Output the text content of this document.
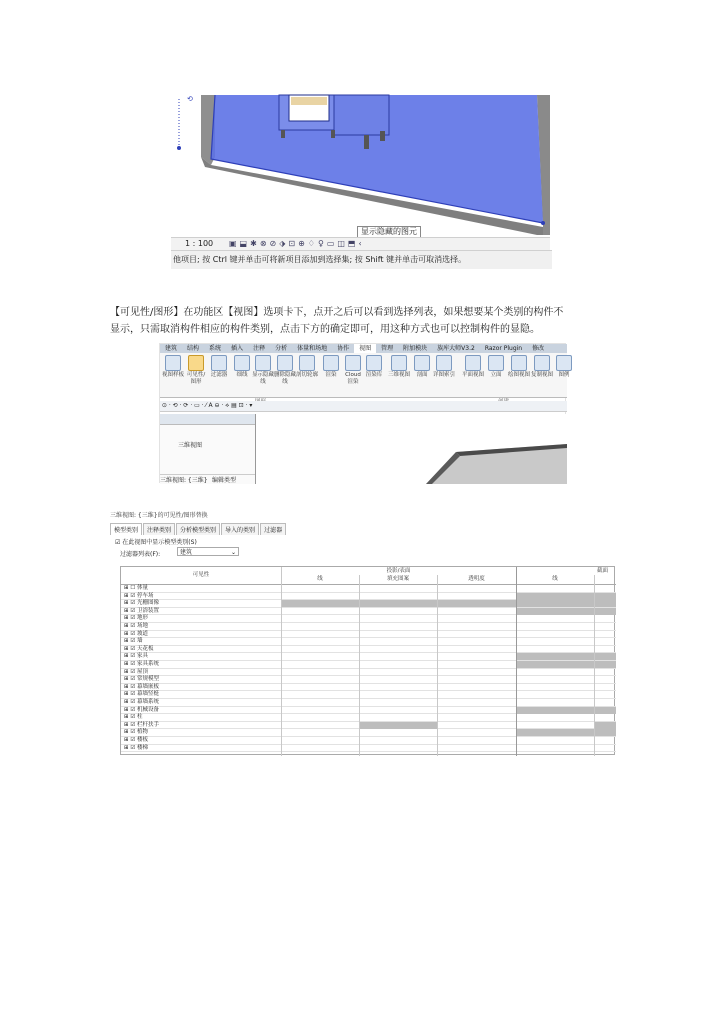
⟲
显示隐藏的图元
1 : 100 ▣⬓✱⊗⊘⬗⊡⊕♢♀▭◫⬒‹
他项目; 按 Ctrl 键并单击可将新项目添加到选择集; 按 Shift 键并单击可取消选择。
【可见性/图形】在功能区【视图】选项卡下，点开之后可以看到选择列表，如果想要某个类别的构件不
显示，只需取消构件相应的构件类别，点击下方的确定即可，用这种方式也可以控制构件的显隐。
建筑 结构 系统 插入 注释 分析 体量和场地 协作 视图 管理 附加模块 族库大师V3.2 Razor Plugin 修改
视图样板 可见性/图形
过滤器	细线 显示隐藏线
删除隐藏线
剖切轮廓	渲染	Cloud 渲染
渲染库	三维视图	剖面	详图索引 平面视图	立面	绘图视图 复制视图 图例
⊙ · ⟲ · ⟳ · ▭ · ⁄ A ⊖ · ⟡ ▤ ⊡ · ▾
三维视图
三维视图: {三维} 编辑类型
三维视图: {三维}的可见性/图形替换
模型类别 注释类别 分析模型类别 导入的类别 过滤器
☑ 在此视图中显示模型类别(S)
过滤器列表(F):	建筑	⌄
投影/表面	截面
可见性
线	填充图案	透明度	线
⊞ ☐ 体量
⊞ ☑ 停车场
⊞ ☑ 光栅图像
⊞ ☑ 卫浴装置
⊞ ☑ 地形
⊞ ☑ 场地
⊞ ☑ 坡道
⊞ ☑ 墙
⊞ ☑ 天花板
⊞ ☑ 家具
⊞ ☑ 家具系统
⊞ ☑ 屋顶
⊞ ☑ 常规模型
⊞ ☑ 幕墙嵌板
⊞ ☑ 幕墙竖梃
⊞ ☑ 幕墙系统
⊞ ☑ 机械设备
⊞ ☑ 柱
⊞ ☑ 栏杆扶手
⊞ ☑ 植物
⊞ ☑ 楼板
⊞ ☑ 楼梯
